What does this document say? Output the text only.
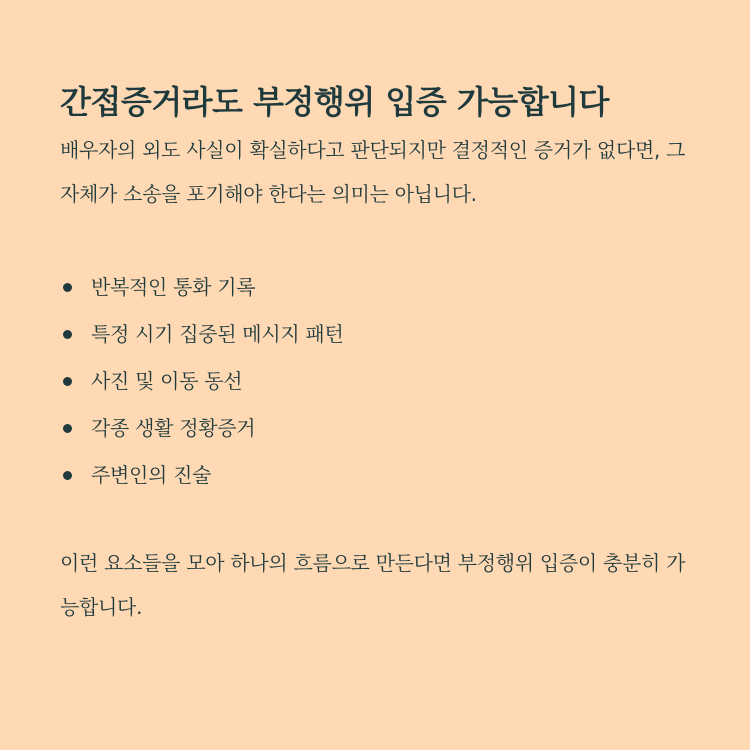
간접증거라도 부정행위 입증 가능합니다

배우자의 외도 사실이 확실하다고 판단되지만 결정적인 증거가 없다면, 그 자체가 소송을 포기해야 한다는 의미는 아닙니다.

반복적인 통화 기록
특정 시기 집중된 메시지 패턴
사진 및 이동 동선
각종 생활 정황증거
주변인의 진술

이런 요소들을 모아 하나의 흐름으로 만든다면 부정행위 입증이 충분히 가능합니다.
